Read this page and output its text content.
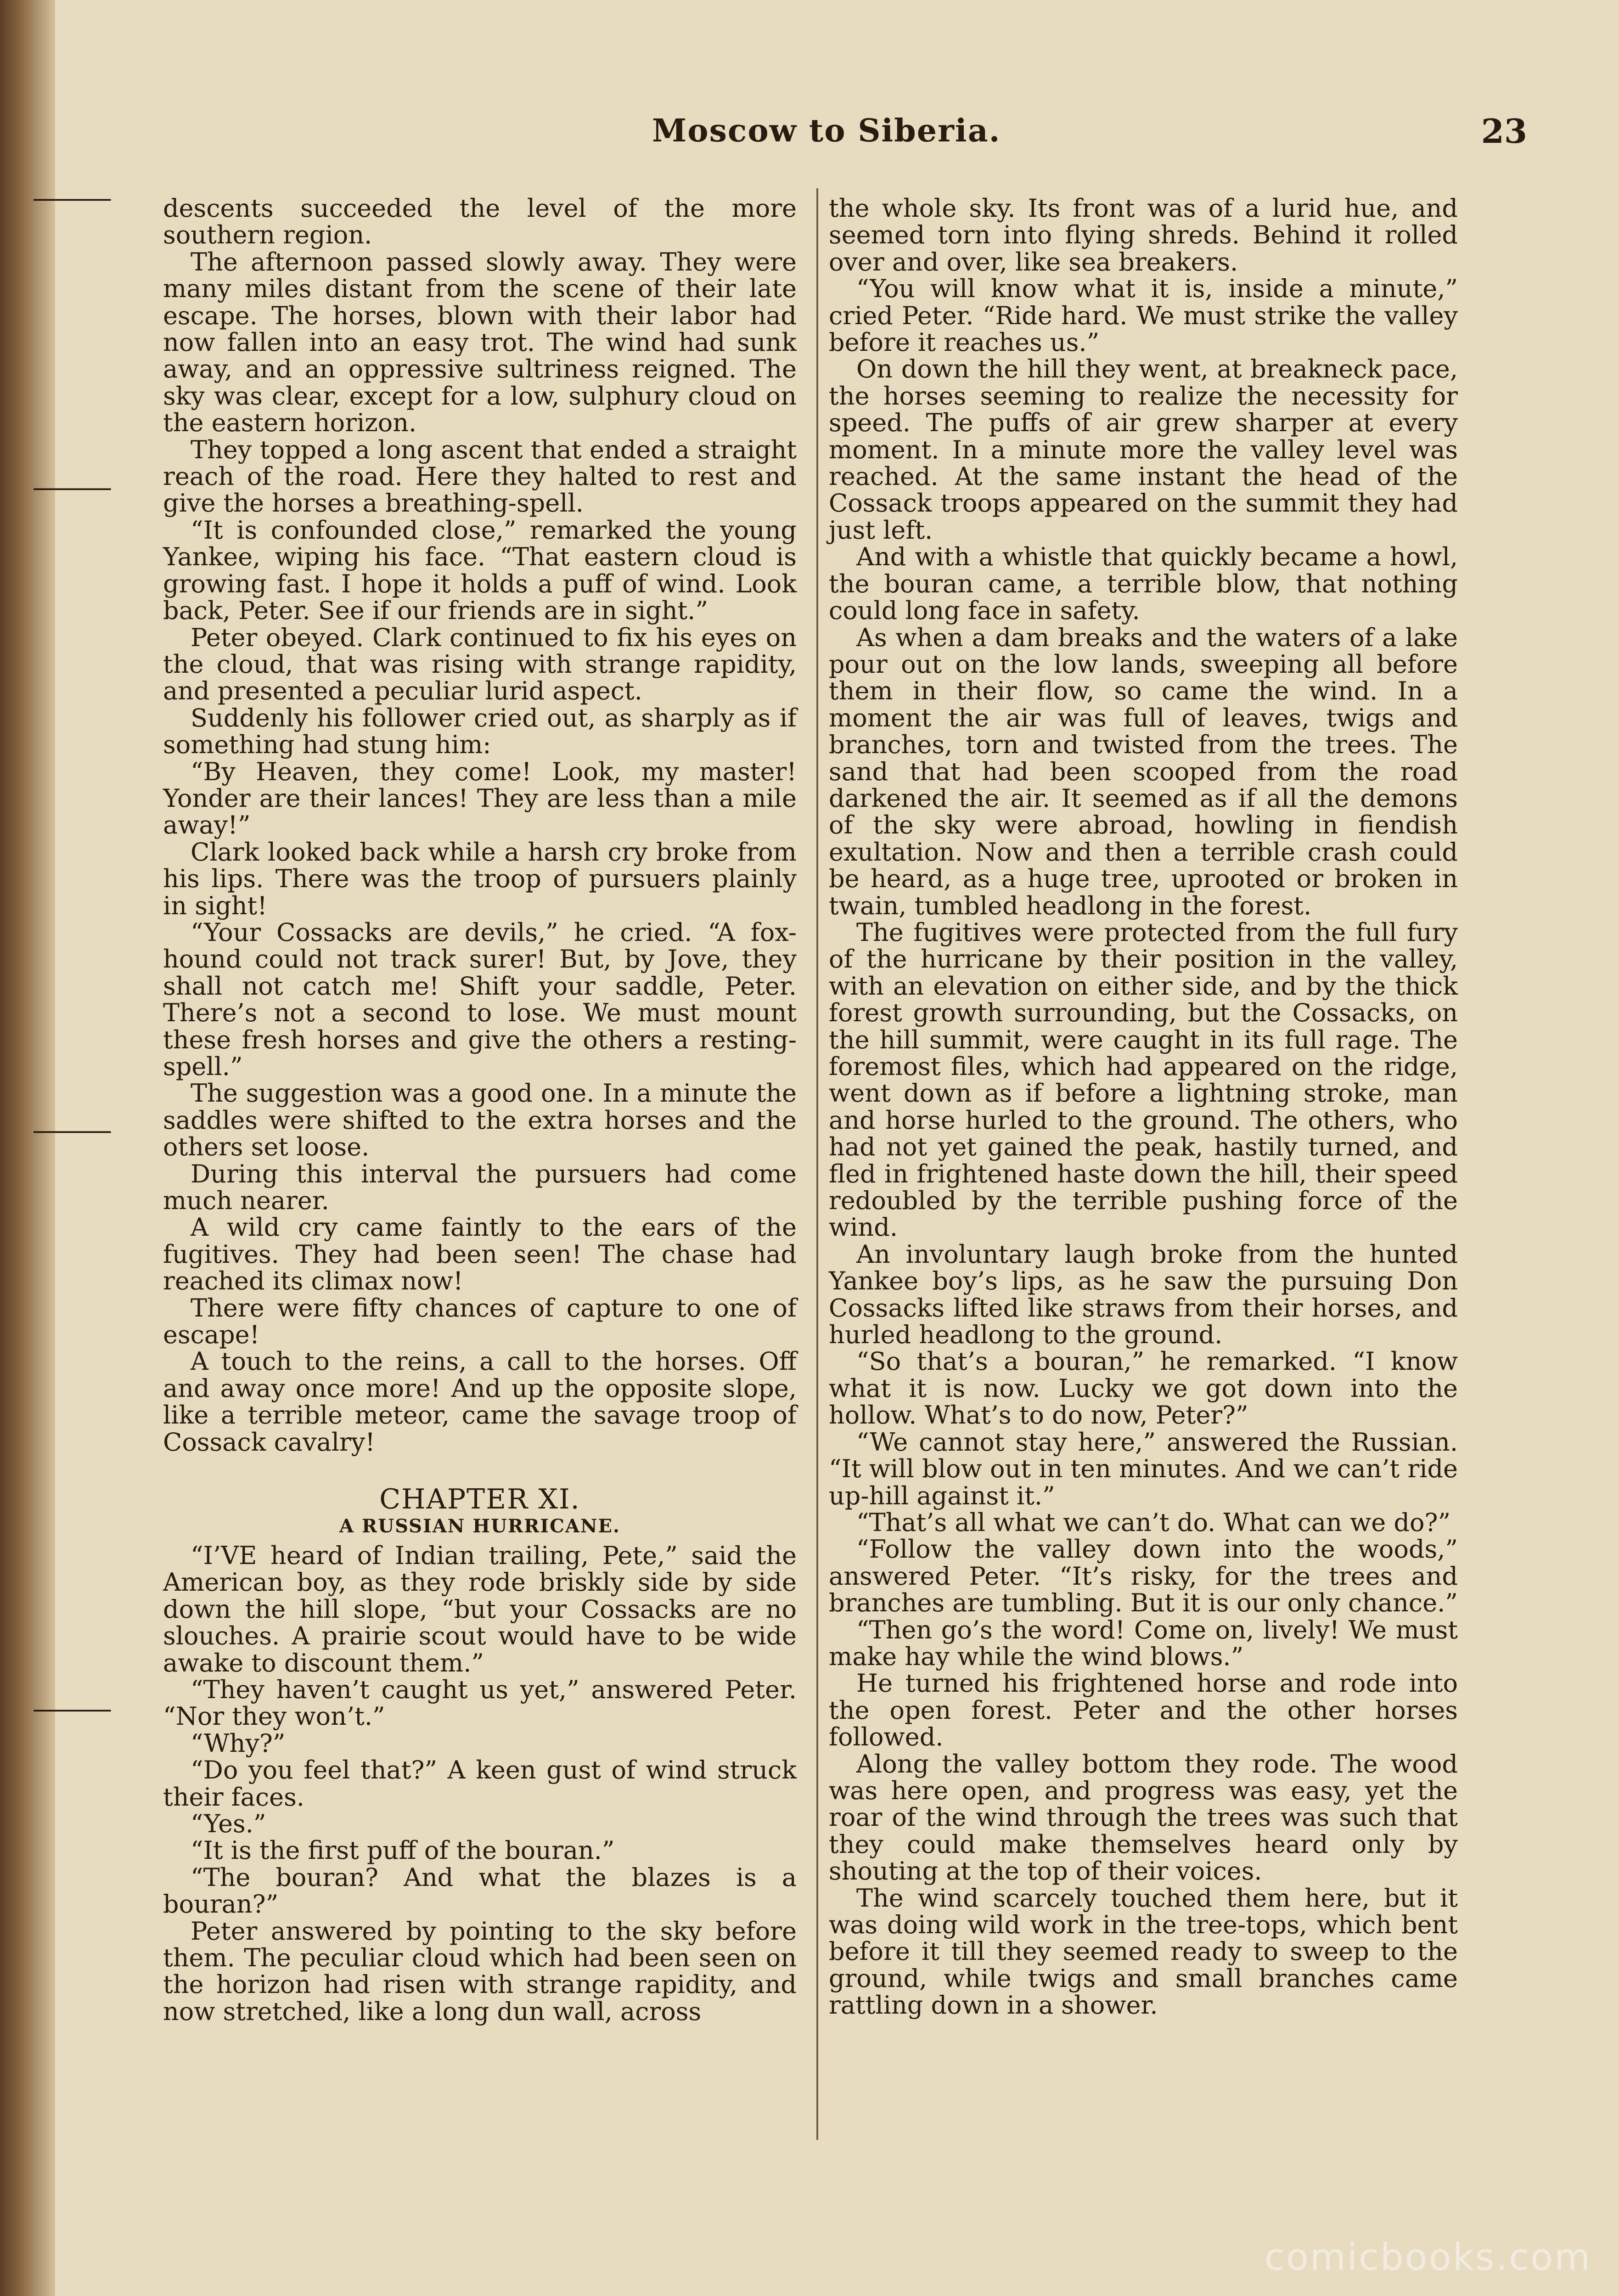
⸻
⸻
⸻
⸻
Moscow to Siberia.	23

descents succeeded the level of the more southern region.

The afternoon passed slowly away. They were many miles distant from the scene of their late escape. The horses, blown with their labor had now fallen into an easy trot. The wind had sunk away, and an oppressive sultriness reigned. The sky was clear, except for a low, sulphury cloud on the eastern horizon.

They topped a long ascent that ended a straight reach of the road. Here they halted to rest and give the horses a breathing-spell.

“It is confounded close,” remarked the young Yankee, wiping his face. “That eastern cloud is growing fast. I hope it holds a puff of wind. Look back, Peter. See if our friends are in sight.”

Peter obeyed. Clark continued to fix his eyes on the cloud, that was rising with strange rapidity, and presented a peculiar lurid aspect.

Suddenly his follower cried out, as sharply as if something had stung him:

“By Heaven, they come! Look, my master! Yonder are their lances! They are less than a mile away!”

Clark looked back while a harsh cry broke from his lips. There was the troop of pursuers plainly in sight!

“Your Cossacks are devils,” he cried. “A fox-hound could not track surer! But, by Jove, they shall not catch me! Shift your saddle, Peter. There’s not a second to lose. We must mount these fresh horses and give the others a resting-spell.”

The suggestion was a good one. In a minute the saddles were shifted to the extra horses and the others set loose.

During this interval the pursuers had come much nearer.

A wild cry came faintly to the ears of the fugitives. They had been seen! The chase had reached its climax now!

There were fifty chances of capture to one of escape!

A touch to the reins, a call to the horses. Off and away once more! And up the opposite slope, like a terrible meteor, came the savage troop of Cossack cavalry!

CHAPTER XI.
A RUSSIAN HURRICANE.

“I’VE heard of Indian trailing, Pete,” said the American boy, as they rode briskly side by side down the hill slope, “but your Cossacks are no slouches. A prairie scout would have to be wide awake to discount them.”

“They haven’t caught us yet,” answered Peter. “Nor they won’t.”

“Why?”

“Do you feel that?” A keen gust of wind struck their faces.

“Yes.”

“It is the first puff of the bouran.”

“The bouran? And what the blazes is a bouran?”

Peter answered by pointing to the sky before them. The peculiar cloud which had been seen on the horizon had risen with strange rapidity, and now stretched, like a long dun wall, across

the whole sky. Its front was of a lurid hue, and seemed torn into flying shreds. Behind it rolled over and over, like sea breakers.

“You will know what it is, inside a minute,” cried Peter. “Ride hard. We must strike the valley before it reaches us.”

On down the hill they went, at breakneck pace, the horses seeming to realize the necessity for speed. The puffs of air grew sharper at every moment. In a minute more the valley level was reached. At the same instant the head of the Cossack troops appeared on the summit they had just left.

And with a whistle that quickly became a howl, the bouran came, a terrible blow, that nothing could long face in safety.

As when a dam breaks and the waters of a lake pour out on the low lands, sweeping all before them in their flow, so came the wind. In a moment the air was full of leaves, twigs and branches, torn and twisted from the trees. The sand that had been scooped from the road darkened the air. It seemed as if all the demons of the sky were abroad, howling in fiendish exultation. Now and then a terrible crash could be heard, as a huge tree, uprooted or broken in twain, tumbled headlong in the forest.

The fugitives were protected from the full fury of the hurricane by their position in the valley, with an elevation on either side, and by the thick forest growth surrounding, but the Cossacks, on the hill summit, were caught in its full rage. The foremost files, which had appeared on the ridge, went down as if before a lightning stroke, man and horse hurled to the ground. The others, who had not yet gained the peak, hastily turned, and fled in frightened haste down the hill, their speed redoubled by the terrible pushing force of the wind.

An involuntary laugh broke from the hunted Yankee boy’s lips, as he saw the pursuing Don Cossacks lifted like straws from their horses, and hurled headlong to the ground.

“So that’s a bouran,” he remarked. “I know what it is now. Lucky we got down into the hollow. What’s to do now, Peter?”

“We cannot stay here,” answered the Russian. “It will blow out in ten minutes. And we can’t ride up-hill against it.”

“That’s all what we can’t do. What can we do?”

“Follow the valley down into the woods,” answered Peter. “It’s risky, for the trees and branches are tumbling. But it is our only chance.”

“Then go’s the word! Come on, lively! We must make hay while the wind blows.”

He turned his frightened horse and rode into the open forest. Peter and the other horses followed.

Along the valley bottom they rode. The wood was here open, and progress was easy, yet the roar of the wind through the trees was such that they could make themselves heard only by shouting at the top of their voices.

The wind scarcely touched them here, but it was doing wild work in the tree-tops, which bent before it till they seemed ready to sweep to the ground, while twigs and small branches came rattling down in a shower.

comicbooks.com
